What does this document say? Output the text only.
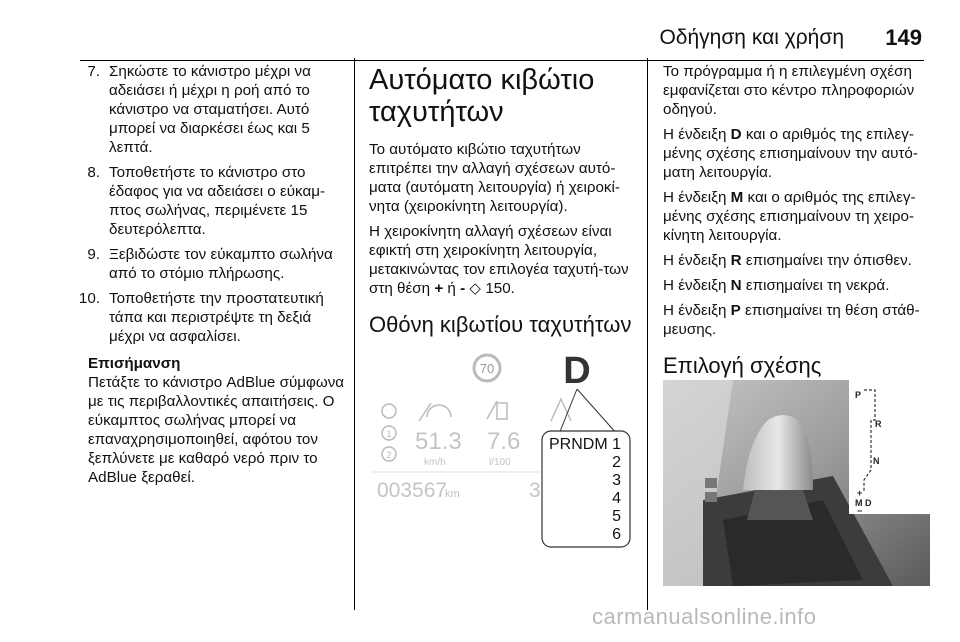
Οδήγηση και χρήση 149
7. Σηκώστε το κάνιστρο μέχρι να αδειάσει ή μέχρι η ροή από το κάνιστρο να σταματήσει. Αυτό μπορεί να διαρκέσει έως και 5 λεπτά.
8. Τοποθετήστε το κάνιστρο στο έδαφος για να αδειάσει ο εύκαμ‐πτος σωλήνας, περιμένετε 15 δευτερόλεπτα.
9. Ξεβιδώστε τον εύκαμπτο σωλήνα από το στόμιο πλήρωσης.
10. Τοποθετήστε την προστατευτική τάπα και περιστρέψτε τη δεξιά μέχρι να ασφαλίσει.
Επισήμανση
Πετάξτε το κάνιστρο AdBlue σύμφωνα με τις περιβαλλοντικές απαιτήσεις. Ο εύκαμπτος σωλήνας μπορεί να επαναχρησιμοποιηθεί, αφότου τον ξεπλύνετε με καθαρό νερό πριν το AdBlue ξεραθεί.
Αυτόματο κιβώτιο ταχυτήτων

Το αυτόματο κιβώτιο ταχυτήτων επιτρέπει την αλλαγή σχέσεων αυτό‐ματα (αυτόματη λειτουργία) ή χειροκί‐νητα (χειροκίνητη λειτουργία).

Η χειροκίνητη αλλαγή σχέσεων είναι εφικτή στη χειροκίνητη λειτουργία, μετακινώντας τον επιλογέα ταχυτή‐των στη θέση + ή - ◇ 150.

Οθόνη κιβωτίου ταχυτήτων
70 D
1
2 51.3
km/h
7.6
l/100
003567
km	3
PRNDM 1
2
3
4
5
6

Το πρόγραμμα ή η επιλεγμένη σχέση εμφανίζεται στο κέντρο πληροφοριών οδηγού.

Η ένδειξη D και ο αριθμός της επιλεγ‐μένης σχέσης επισημαίνουν την αυτό‐ματη λειτουργία.

Η ένδειξη M και ο αριθμός της επιλεγ‐μένης σχέσης επισημαίνουν τη χειρο‐κίνητη λειτουργία.

Η ένδειξη R επισημαίνει την όπισθεν.

Η ένδειξη N επισημαίνει τη νεκρά.

Η ένδειξη P επισημαίνει τη θέση στάθ‐μευσης.

Επιλογή σχέσης
P
R
N
+
M D
−
carmanualsonline.info
